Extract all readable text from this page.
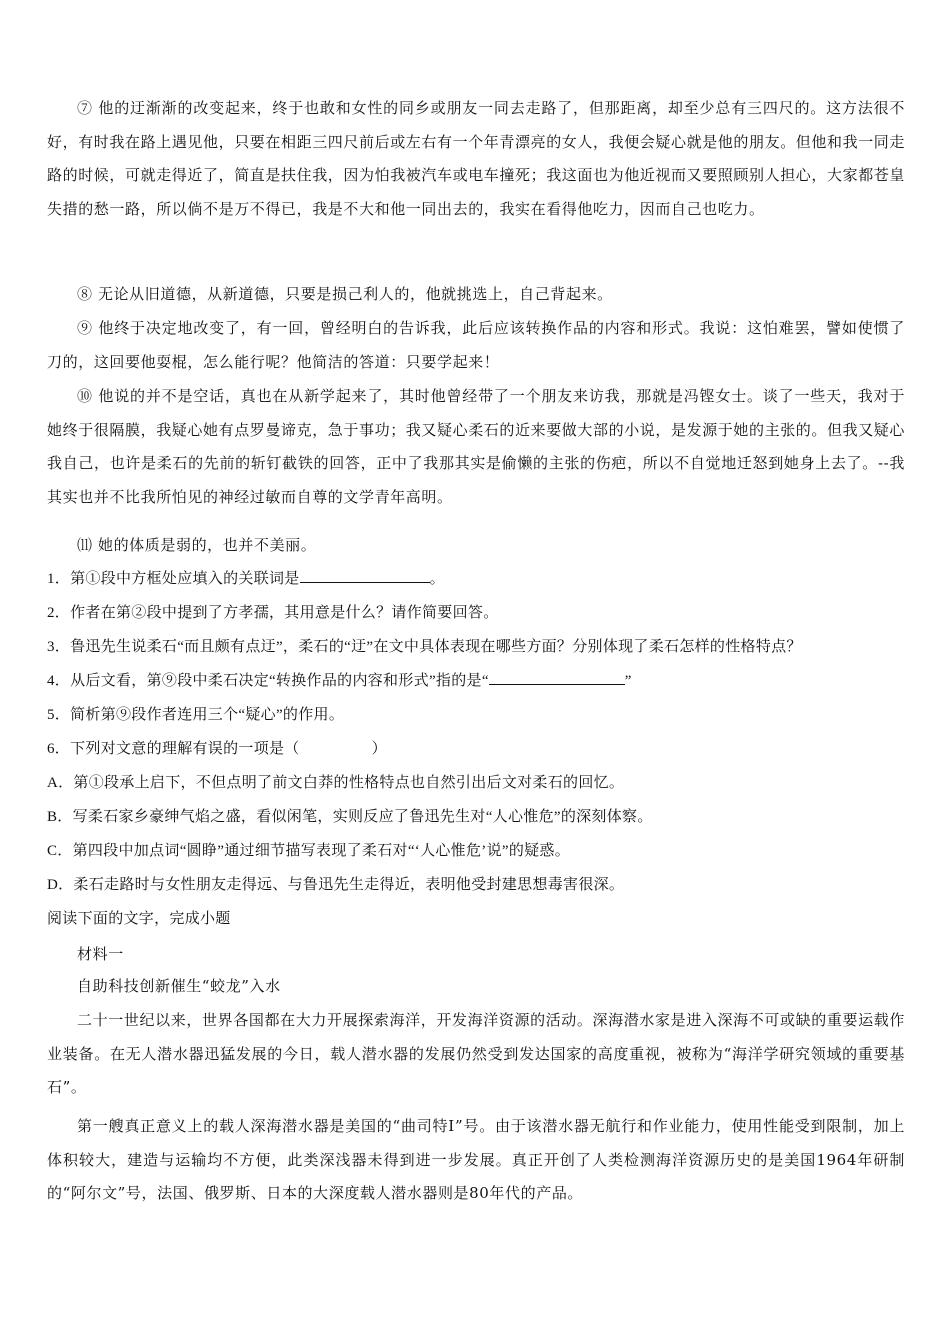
⑦ 他的迂渐渐的改变起来，终于也敢和女性的同乡或朋友一同去走路了，但那距离，却至少总有三四尺的。这方法很不好，有时我在路上遇见他，只要在相距三四尺前后或左右有一个年青漂亮的女人，我便会疑心就是他的朋友。但他和我一同走路的时候，可就走得近了，简直是扶住我，因为怕我被汽车或电车撞死；我这面也为他近视而又要照顾别人担心，大家都苍皇失措的愁一路，所以倘不是万不得已，我是不大和他一同出去的，我实在看得他吃力，因而自己也吃力。

⑧ 无论从旧道德，从新道德，只要是损己利人的，他就挑选上，自己背起来。

⑨ 他终于决定地改变了，有一回，曾经明白的告诉我，此后应该转换作品的内容和形式。我说：这怕难罢，譬如使惯了刀的，这回要他耍棍，怎么能行呢？他简洁的答道：只要学起来！

⑩ 他说的并不是空话，真也在从新学起来了，其时他曾经带了一个朋友来访我，那就是冯铿女士。谈了一些天，我对于她终于很隔膜，我疑心她有点罗曼谛克，急于事功；我又疑心柔石的近来要做大部的小说，是发源于她的主张的。但我又疑心我自己，也许是柔石的先前的斩钉截铁的回答，正中了我那其实是偷懒的主张的伤疤，所以不自觉地迁怒到她身上去了。--我其实也并不比我所怕见的神经过敏而自尊的文学青年高明。

⑾ 她的体质是弱的，也并不美丽。

1．第①段中方框处应填入的关联词是	。

2．作者在第②段中提到了方孝孺，其用意是什么？请作简要回答。

3．鲁迅先生说柔石“而且颇有点迂”，柔石的“迂”在文中具体表现在哪些方面？分别体现了柔石怎样的性格特点？

4．从后文看，第⑨段中柔石决定“转换作品的内容和形式”指的是“	”

5．简析第⑨段作者连用三个“疑心”的作用。

6．下列对文意的理解有误的一项是（	）

A．第①段承上启下，不但点明了前文白莽的性格特点也自然引出后文对柔石的回忆。

B．写柔石家乡豪绅气焰之盛，看似闲笔，实则反应了鲁迅先生对“人心惟危”的深刻体察。

C．第四段中加点词“圆睁”通过细节描写表现了柔石对“‘人心惟危’说”的疑惑。

D．柔石走路时与女性朋友走得远、与鲁迅先生走得近，表明他受封建思想毒害很深。

阅读下面的文字，完成小题

材料一

自助科技创新催生“蛟龙”入水

二十一世纪以来，世界各国都在大力开展探索海洋，开发海洋资源的活动。深海潜水家是进入深海不可或缺的重要运载作业装备。在无人潜水器迅猛发展的今日，载人潜水器的发展仍然受到发达国家的高度重视，被称为“海洋学研究领域的重要基石”。

第一艘真正意义上的载人深海潜水器是美国的“曲司特Ⅰ”号。由于该潜水器无航行和作业能力，使用性能受到限制，加上体积较大，建造与运输均不方便，此类深浅器未得到进一步发展。真正开创了人类检测海洋资源历史的是美国1964年研制的“阿尔文”号，法国、俄罗斯、日本的大深度载人潜水器则是80年代的产品。
